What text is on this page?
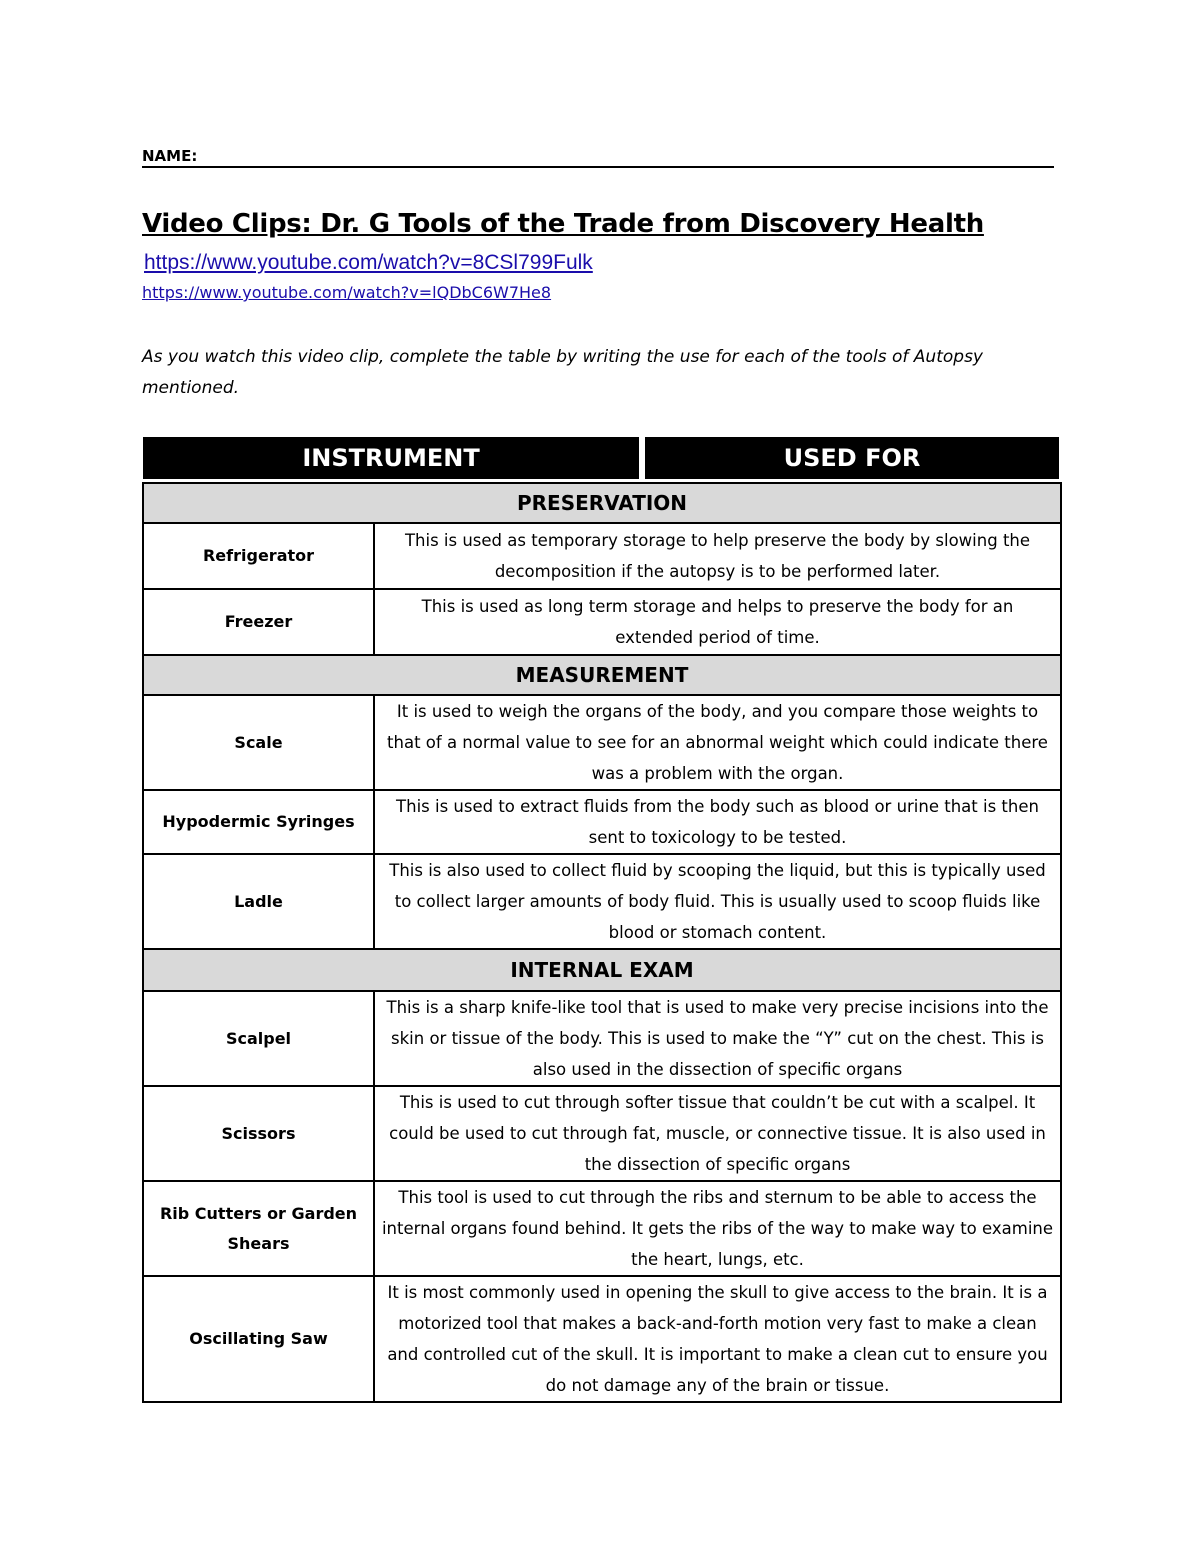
NAME:
Video Clips: Dr. G Tools of the Trade from Discovery Health
https://www.youtube.com/watch?v=8CSl799Fulk
https://www.youtube.com/watch?v=lQDbC6W7He8
As you watch this video clip, complete the table by writing the use for each of the tools of Autopsy mentioned.
INSTRUMENT	USED FOR
PRESERVATION	
Refrigerator	This is used as temporary storage to help preserve the body by slowing the decomposition if the autopsy is to be performed later.
Freezer	This is used as long term storage and helps to preserve the body for an extended period of time.
MEASUREMENT	
Scale	It is used to weigh the organs of the body, and you compare those weights to that of a normal value to see for an abnormal weight which could indicate there was a problem with the organ.
Hypodermic Syringes	This is used to extract fluids from the body such as blood or urine that is then sent to toxicology to be tested.
Ladle	This is also used to collect fluid by scooping the liquid, but this is typically used to collect larger amounts of body fluid. This is usually used to scoop fluids like blood or stomach content.
INTERNAL EXAM	
Scalpel	This is a sharp knife-like tool that is used to make very precise incisions into the skin or tissue of the body. This is used to make the “Y” cut on the chest. This is also used in the dissection of specific organs
Scissors	This is used to cut through softer tissue that couldn’t be cut with a scalpel. It could be used to cut through fat, muscle, or connective tissue. It is also used in the dissection of specific organs
Rib Cutters or Garden Shears	This tool is used to cut through the ribs and sternum to be able to access the internal organs found behind. It gets the ribs of the way to make way to examine the heart, lungs, etc.
Oscillating Saw	It is most commonly used in opening the skull to give access to the brain. It is a motorized tool that makes a back-and-forth motion very fast to make a clean and controlled cut of the skull. It is important to make a clean cut to ensure you do not damage any of the brain or tissue.
